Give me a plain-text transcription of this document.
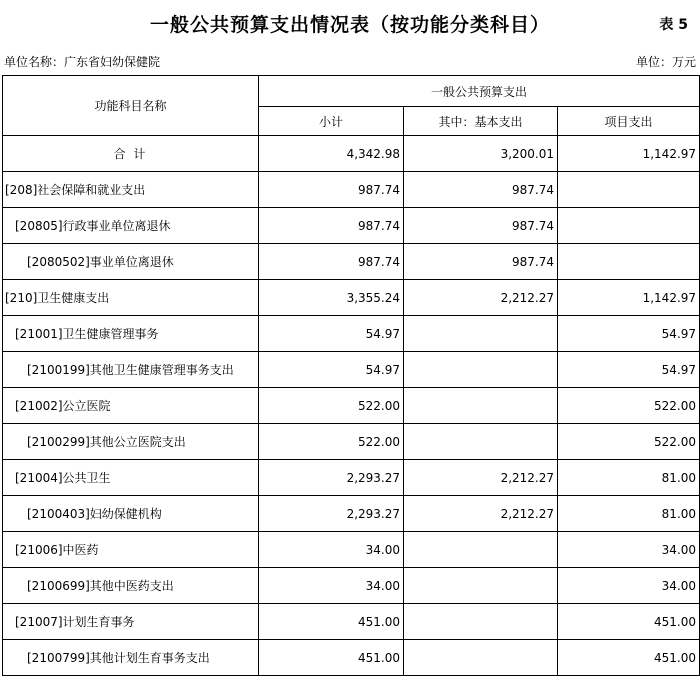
一般公共预算支出情况表（按功能分类科目）	表 5
单位名称：广东省妇幼保健院	单位：万元
功能科目名称	一般公共预算支出		
	小计	其中：基本支出	项目支出
合 计	4,342.98	3,200.01	1,142.97
[208]社会保障和就业支出	987.74	987.74	
[20805]行政事业单位离退休	987.74	987.74	
[2080502]事业单位离退休	987.74	987.74	
[210]卫生健康支出	3,355.24	2,212.27	1,142.97
[21001]卫生健康管理事务	54.97		54.97
[2100199]其他卫生健康管理事务支出	54.97		54.97
[21002]公立医院	522.00		522.00
[2100299]其他公立医院支出	522.00		522.00
[21004]公共卫生	2,293.27	2,212.27	81.00
[2100403]妇幼保健机构	2,293.27	2,212.27	81.00
[21006]中医药	34.00		34.00
[2100699]其他中医药支出	34.00		34.00
[21007]计划生育事务	451.00		451.00
[2100799]其他计划生育事务支出	451.00		451.00
